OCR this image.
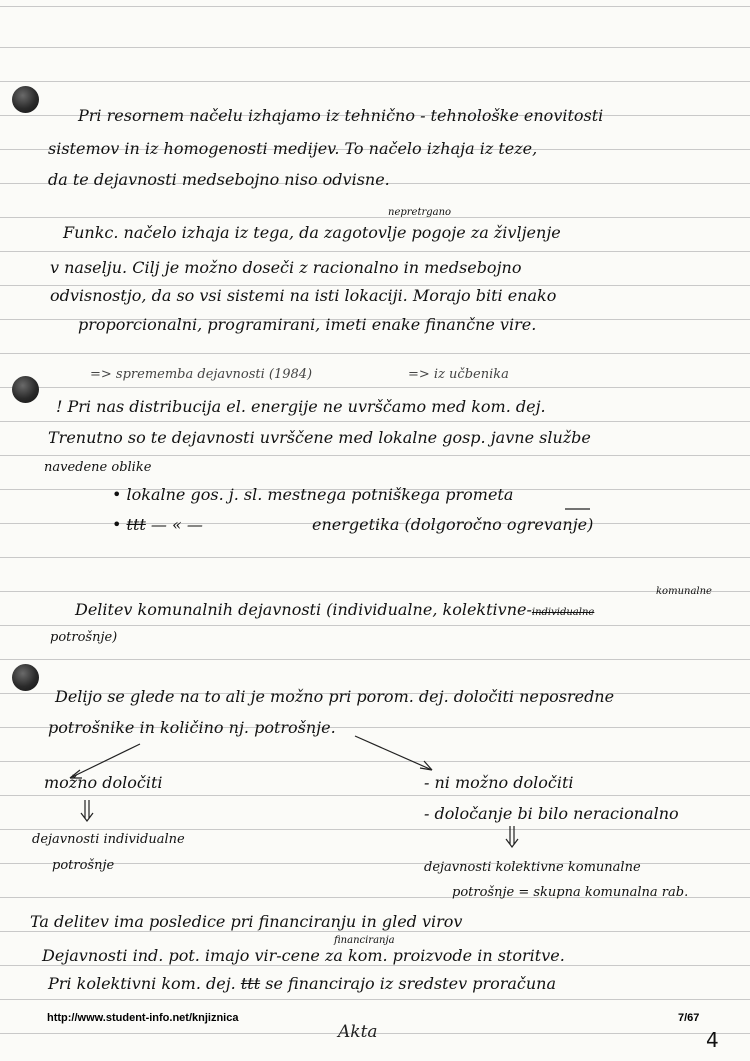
Pri resornem načelu izhajamo iz tehnično - tehnološke enovitosti
sistemov in iz homogenosti medijev. To načelo izhaja iz teze,
da te dejavnosti medsebojno niso odvisne.
nepretrgano
Funkc. načelo izhaja iz tega, da zagotovlje pogoje za življenje
v naselju. Cilj je možno doseči z racionalno in medsebojno
odvisnostjo, da so vsi sistemi na isti lokaciji. Morajo biti enako
proporcionalni, programirani, imeti enake finančne vire.
=> sprememba dejavnosti (1984)	=> iz učbenika
! Pri nas distribucija el. energije ne uvrščamo med kom. dej.
Trenutno so te dejavnosti uvrščene med lokalne gosp. javne službe
navedene oblike
• lokalne gos. j. sl. mestnega potniškega prometa
• ttt — « —	energetika (dolgoročno ogrevanje)
komunalne
Delitev komunalnih dejavnosti (individualne, kolektivne-individualne
potrošnje)
Delijo se glede na to ali je možno pri porom. dej. določiti neposredne
potrošnike in količino nj. potrošnje.
možno določiti
dejavnosti individualne
potrošnje
- ni možno določiti
- določanje bi bilo neracionalno
dejavnosti kolektivne komunalne
potrošnje = skupna komunalna rab.
Ta delitev ima posledice pri financiranju in gled virov
financiranja
Dejavnosti ind. pot. imajo vir-cene za kom. proizvode in storitve.
Pri kolektivni kom. dej. ttt se financirajo iz sredstev proračuna
http://www.student-info.net/knjiznica	7/67
Akta	4
